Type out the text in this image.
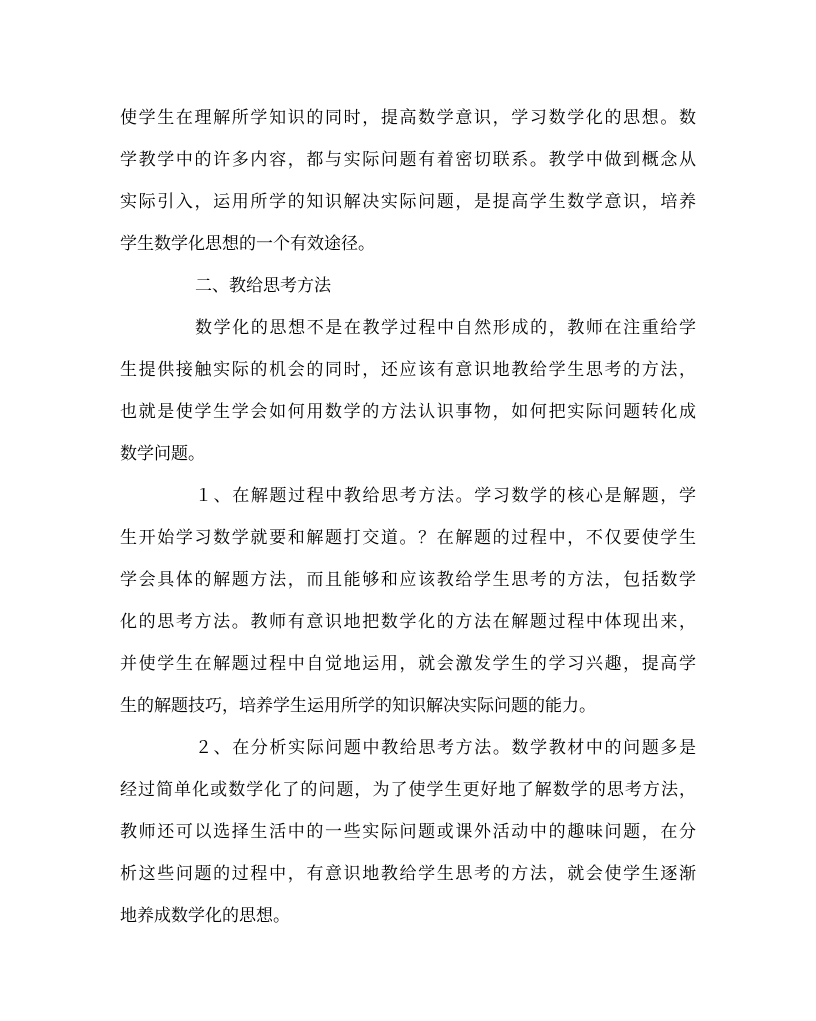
使学生在理解所学知识的同时，提高数学意识，学习数学化的思想。数
学教学中的许多内容，都与实际问题有着密切联系。教学中做到概念从
实际引入，运用所学的知识解决实际问题，是提高学生数学意识，培养
学生数学化思想的一个有效途径。
二、教给思考方法
数学化的思想不是在教学过程中自然形成的，教师在注重给学
生提供接触实际的机会的同时，还应该有意识地教给学生思考的方法，
也就是使学生学会如何用数学的方法认识事物，如何把实际问题转化成
数学问题。
１、在解题过程中教给思考方法。学习数学的核心是解题，学
生开始学习数学就要和解题打交道。？在解题的过程中，不仅要使学生
学会具体的解题方法，而且能够和应该教给学生思考的方法，包括数学
化的思考方法。教师有意识地把数学化的方法在解题过程中体现出来，
并使学生在解题过程中自觉地运用，就会激发学生的学习兴趣，提高学
生的解题技巧，培养学生运用所学的知识解决实际问题的能力。
２、在分析实际问题中教给思考方法。数学教材中的问题多是
经过简单化或数学化了的问题，为了使学生更好地了解数学的思考方法，
教师还可以选择生活中的一些实际问题或课外活动中的趣味问题，在分
析这些问题的过程中，有意识地教给学生思考的方法，就会使学生逐渐
地养成数学化的思想。
